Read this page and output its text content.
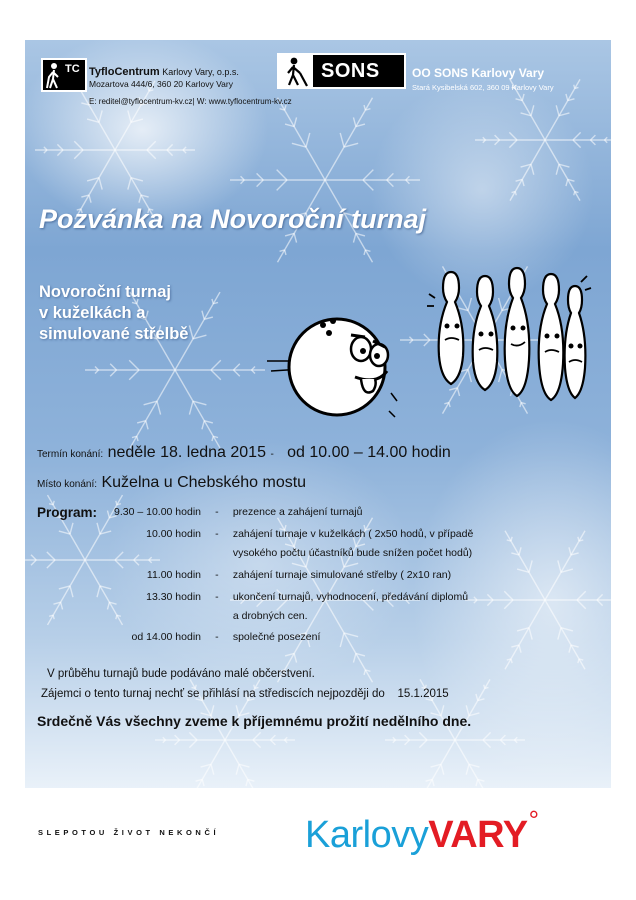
TC TyfloCentrum Karlovy Vary, o.p.s.
Mozartova 444/6, 360 20 Karlovy Vary
E: reditel@tyflocentrum-kv.cz| W: www.tyflocentrum-kv.cz
SONS	OO SONS Karlovy Vary
Stará Kysibelská 602, 360 09 Karlovy Vary
Pozvánka na Novoroční turnaj
Novoroční turnaj
v kuželkách a
simulované střelbě
Termín konání: neděle 18. ledna 2015 - od 10.00 – 14.00 hodin
Místo konání: Kuželna u Chebského mostu
Program:	9.30 – 10.00 hodin - prezence a zahájení turnajů
10.00 hodin - zahájení turnaje v kuželkách ( 2x50 hodů, v případě
vysokého počtu účastníků bude snížen počet hodů)
11.00 hodin - zahájení turnaje simulované střelby ( 2x10 ran)
13.30 hodin - ukončení turnajů, vyhodnocení, předávání diplomů
a drobných cen.
od 14.00 hodin - společné posezení
V průběhu turnajů bude podáváno malé občerstvení.
Zájemci o tento turnaj nechť se přihlásí na střediscích nejpozději do 15.1.2015
Srdečně Vás všechny zveme k příjemnému prožití nedělního dne.
SLEPOTOU ŽIVOT NEKONČÍ KarlovyVARY°
